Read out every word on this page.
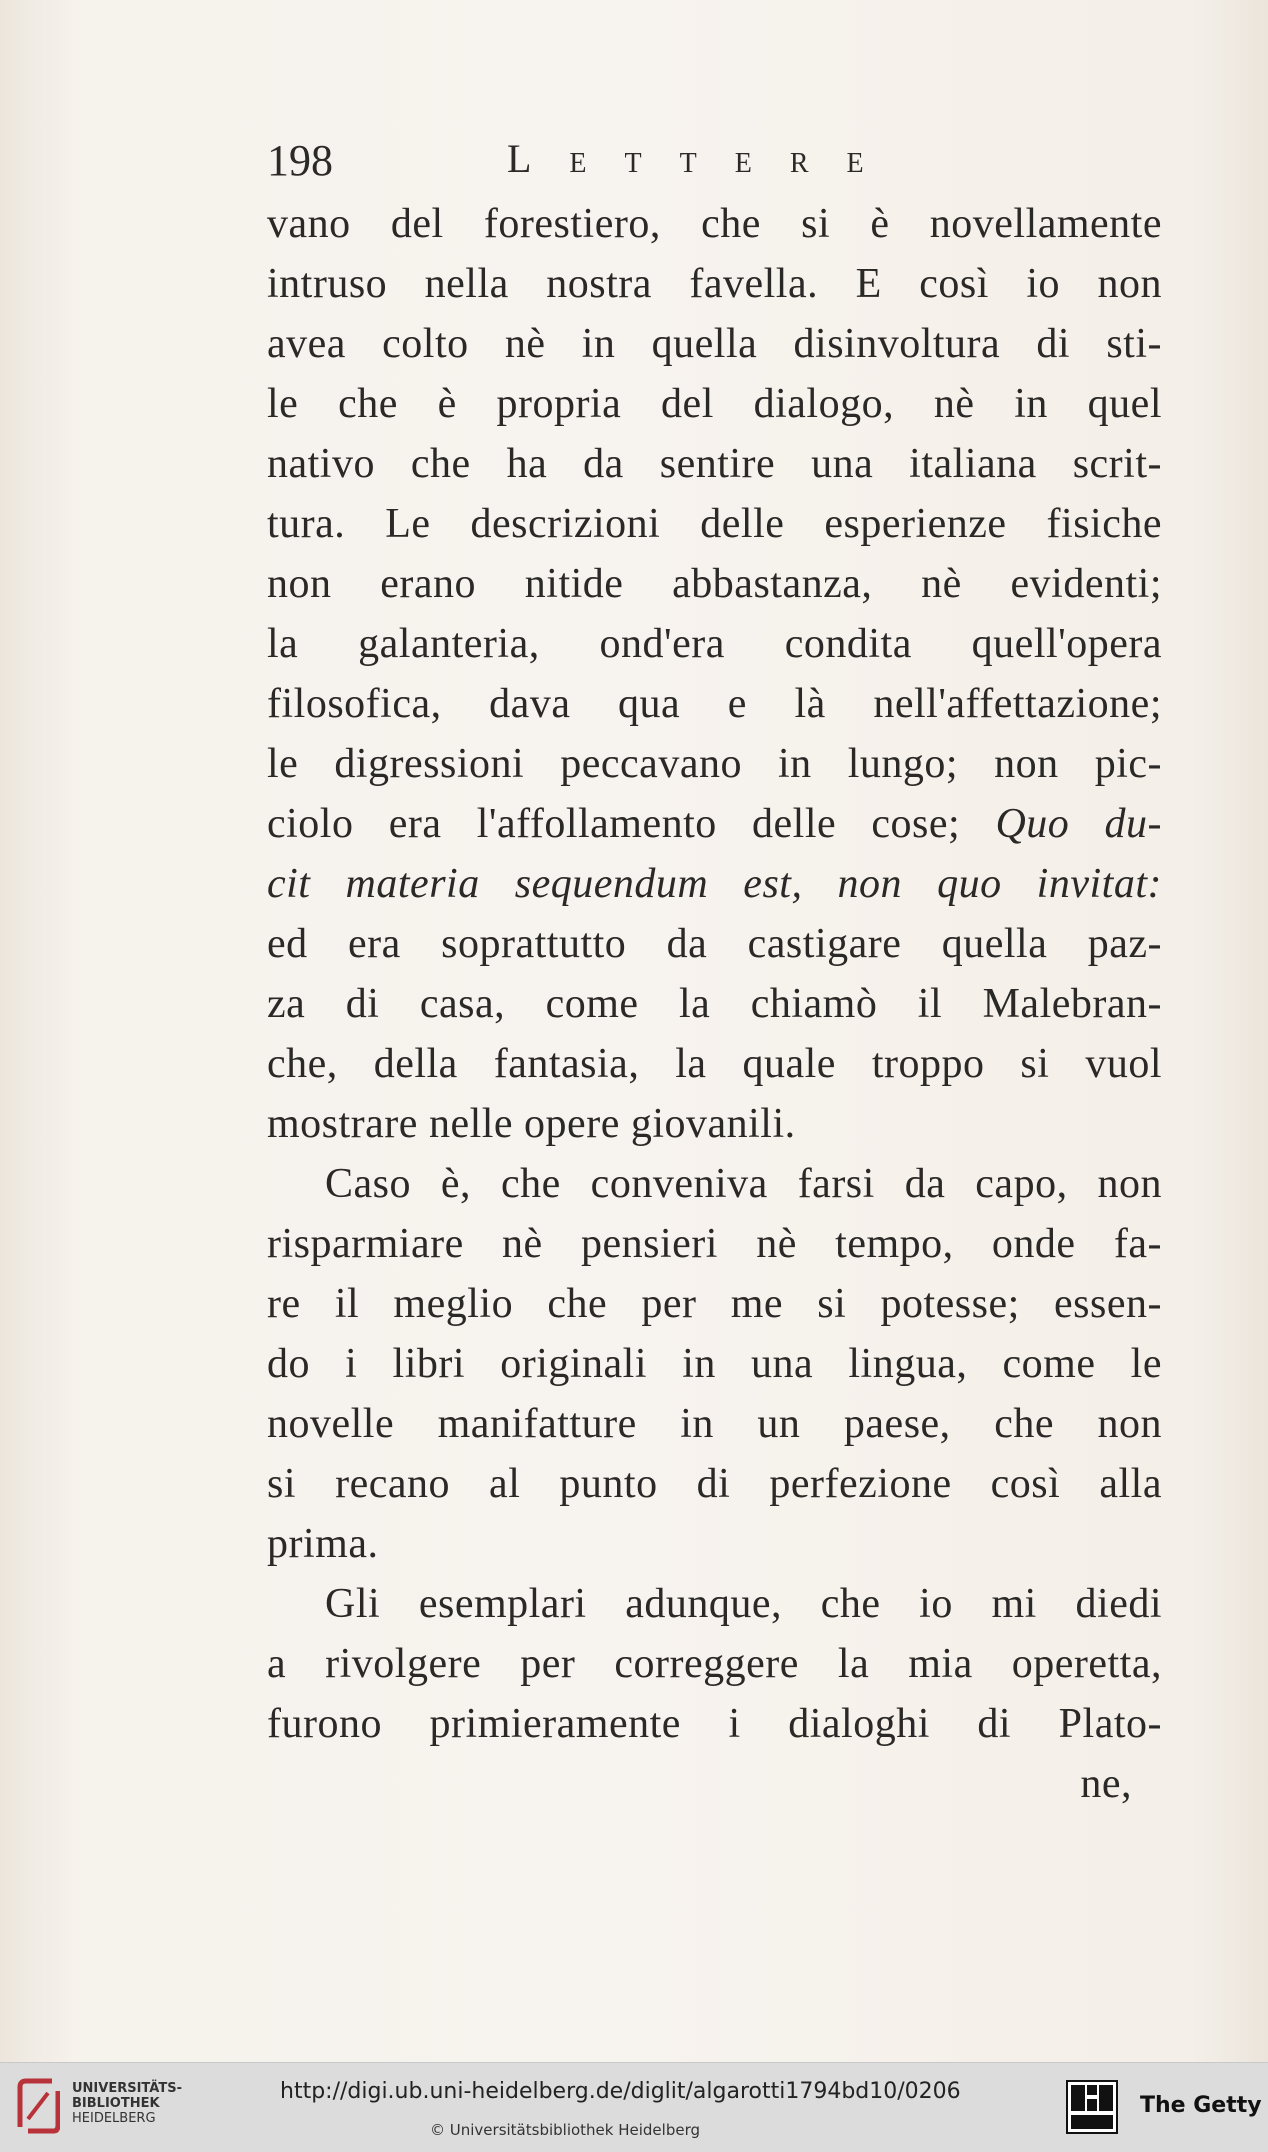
198	Lettere
vano del forestiero, che si è novellamente
intruso nella nostra favella. E così io non
avea colto nè in quella disinvoltura di sti-
le che è propria del dialogo, nè in quel
nativo che ha da sentire una italiana scrit-
tura. Le descrizioni delle esperienze fisiche
non erano nitide abbastanza, nè evidenti;
la galanteria, ond'era condita quell'opera
filosofica, dava qua e là nell'affettazione;
le digressioni peccavano in lungo; non pic-
ciolo era l'affollamento delle cose; Quo du-
cit materia sequendum est, non quo invitat:
ed era soprattutto da castigare quella paz-
za di casa, come la chiamò il Malebran-
che, della fantasia, la quale troppo si vuol
mostrare nelle opere giovanili.
Caso è, che conveniva farsi da capo, non
risparmiare nè pensieri nè tempo, onde fa-
re il meglio che per me si potesse; essen-
do i libri originali in una lingua, come le
novelle manifatture in un paese, che non
si recano al punto di perfezione così alla
prima.
Gli esemplari adunque, che io mi diedi
a rivolgere per correggere la mia operetta,
furono primieramente i dialoghi di Plato-
ne,
UNIVERSITÄTS-
BIBLIOTHEK
HEIDELBERG
http://digi.ub.uni-heidelberg.de/diglit/algarotti1794bd10/0206
© Universitätsbibliothek Heidelberg
The Getty
